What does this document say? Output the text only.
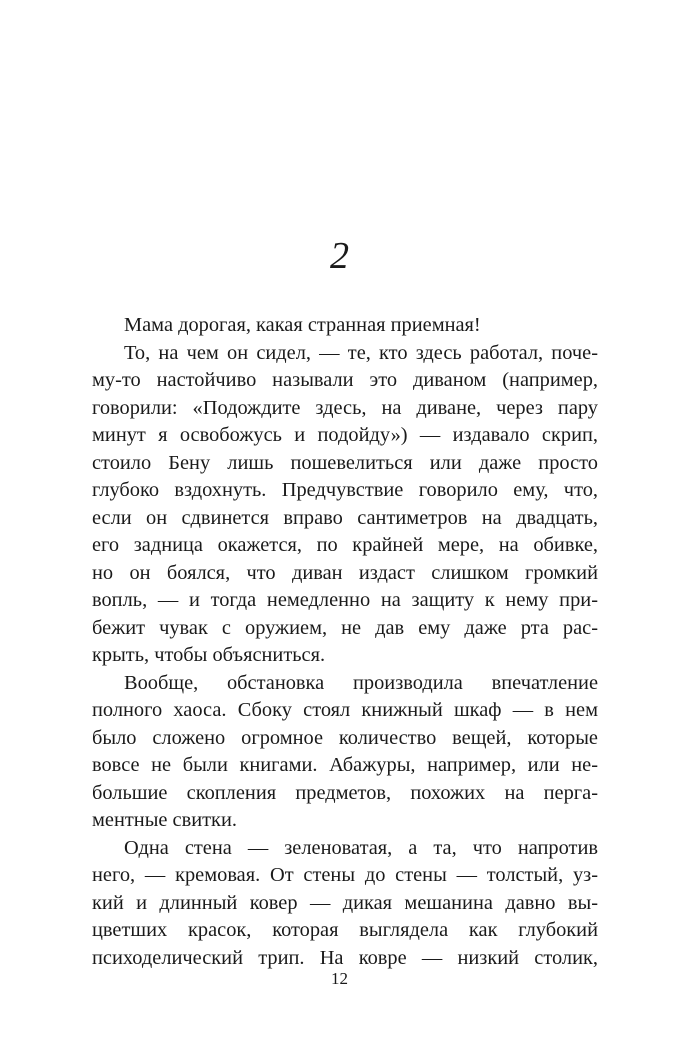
2

Мама дорогая, какая странная приемная!

То, на чем он сидел, — те, кто здесь работал, поче-
му-то настойчиво называли это диваном (например,
говорили: «Подождите здесь, на диване, через пару
минут я освобожусь и подойду») — издавало скрип,
стоило Бену лишь пошевелиться или даже просто
глубоко вздохнуть. Предчувствие говорило ему, что,
если он сдвинется вправо сантиметров на двадцать,
его задница окажется, по крайней мере, на обивке,
но он боялся, что диван издаст слишком громкий
вопль, — и тогда немедленно на защиту к нему при-
бежит чувак с оружием, не дав ему даже рта рас-
крыть, чтобы объясниться.

Вообще, обстановка производила впечатление
полного хаоса. Сбоку стоял книжный шкаф — в нем
было сложено огромное количество вещей, которые
вовсе не были книгами. Абажуры, например, или не-
большие скопления предметов, похожих на перга-
ментные свитки.

Одна стена — зеленоватая, а та, что напротив
него, — кремовая. От стены до стены — толстый, уз-
кий и длинный ковер — дикая мешанина давно вы-
цветших красок, которая выглядела как глубокий
психоделический трип. На ковре — низкий столик,

12
